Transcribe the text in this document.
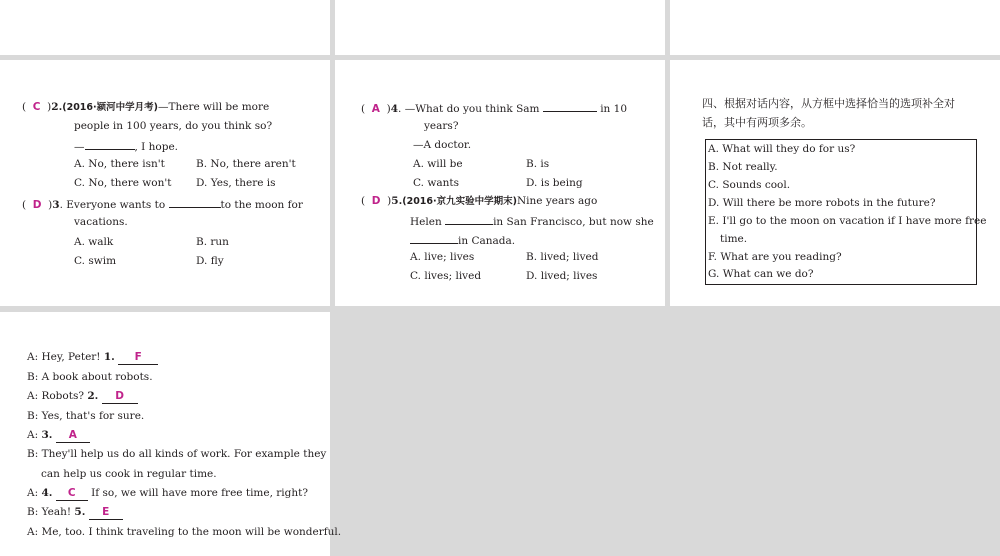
(  C  )2.(2016·颍河中学月考)—There will be more
people in 100 years, do you think so?
—	, I hope.
A. No, there isn't	B. No, there aren't
C. No, there won't D. Yes, there is
(  D  )3. Everyone wants to	to the moon for
vacations.
A. walk	B. run
C. swim	D. fly
(  A  )4. —What do you think Sam	in 10
years?
—A doctor.
A. will be	B. is
C. wants	D. is being
(  D  )5.(2016·京九实验中学期末)Nine years ago
Helen	in San Francisco, but now she
in Canada.
A. live; lives	B. lived; lived
C. lives; lived	D. lived; lives
四、根据对话内容，从方框中选择恰当的选项补全对
话，其中有两项多余。
A. What will they do for us?
B. Not really.
C. Sounds cool.
D. Will there be more robots in the future?
E. I'll go to the moon on vacation if I have more free
time.
F. What are you reading?
G. What can we do?
A: Hey, Peter! 1. F
B: A book about robots.
A: Robots? 2. D
B: Yes, that's for sure.
A: 3. A
B: They'll help us do all kinds of work. For example they
can help us cook in regular time.
A: 4. C If so, we will have more free time, right?
B: Yeah! 5. E
A: Me, too. I think traveling to the moon will be wonderful.
